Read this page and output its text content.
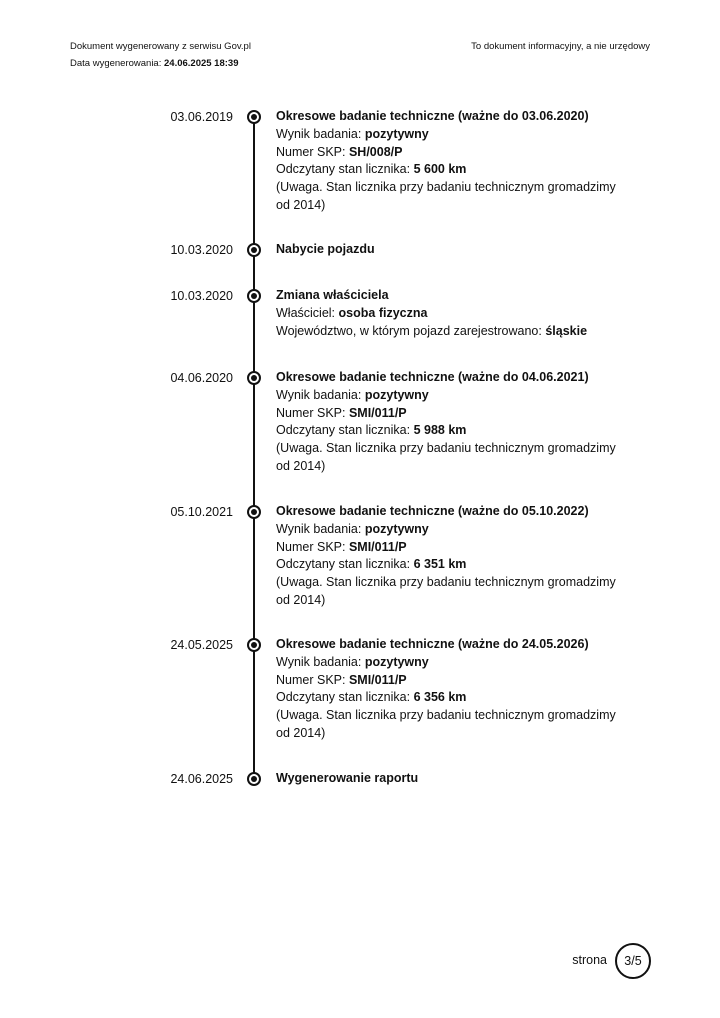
Dokument wygenerowany z serwisu Gov.pl	To dokument informacyjny, a nie urzędowy
Data wygenerowania: 24.06.2025 18:39
03.06.2019	Okresowe badanie techniczne (ważne do 03.06.2020)
Wynik badania: pozytywny
Numer SKP: SH/008/P
Odczytany stan licznika: 5 600 km
(Uwaga. Stan licznika przy badaniu technicznym gromadzimy od 2014)
10.03.2020	Nabycie pojazdu
10.03.2020	Zmiana właściciela
Właściciel: osoba fizyczna
Województwo, w którym pojazd zarejestrowano: śląskie
04.06.2020	Okresowe badanie techniczne (ważne do 04.06.2021)
Wynik badania: pozytywny
Numer SKP: SMI/011/P
Odczytany stan licznika: 5 988 km
(Uwaga. Stan licznika przy badaniu technicznym gromadzimy od 2014)
05.10.2021	Okresowe badanie techniczne (ważne do 05.10.2022)
Wynik badania: pozytywny
Numer SKP: SMI/011/P
Odczytany stan licznika: 6 351 km
(Uwaga. Stan licznika przy badaniu technicznym gromadzimy od 2014)
24.05.2025	Okresowe badanie techniczne (ważne do 24.05.2026)
Wynik badania: pozytywny
Numer SKP: SMI/011/P
Odczytany stan licznika: 6 356 km
(Uwaga. Stan licznika przy badaniu technicznym gromadzimy od 2014)
24.06.2025	Wygenerowanie raportu
strona	3/5
